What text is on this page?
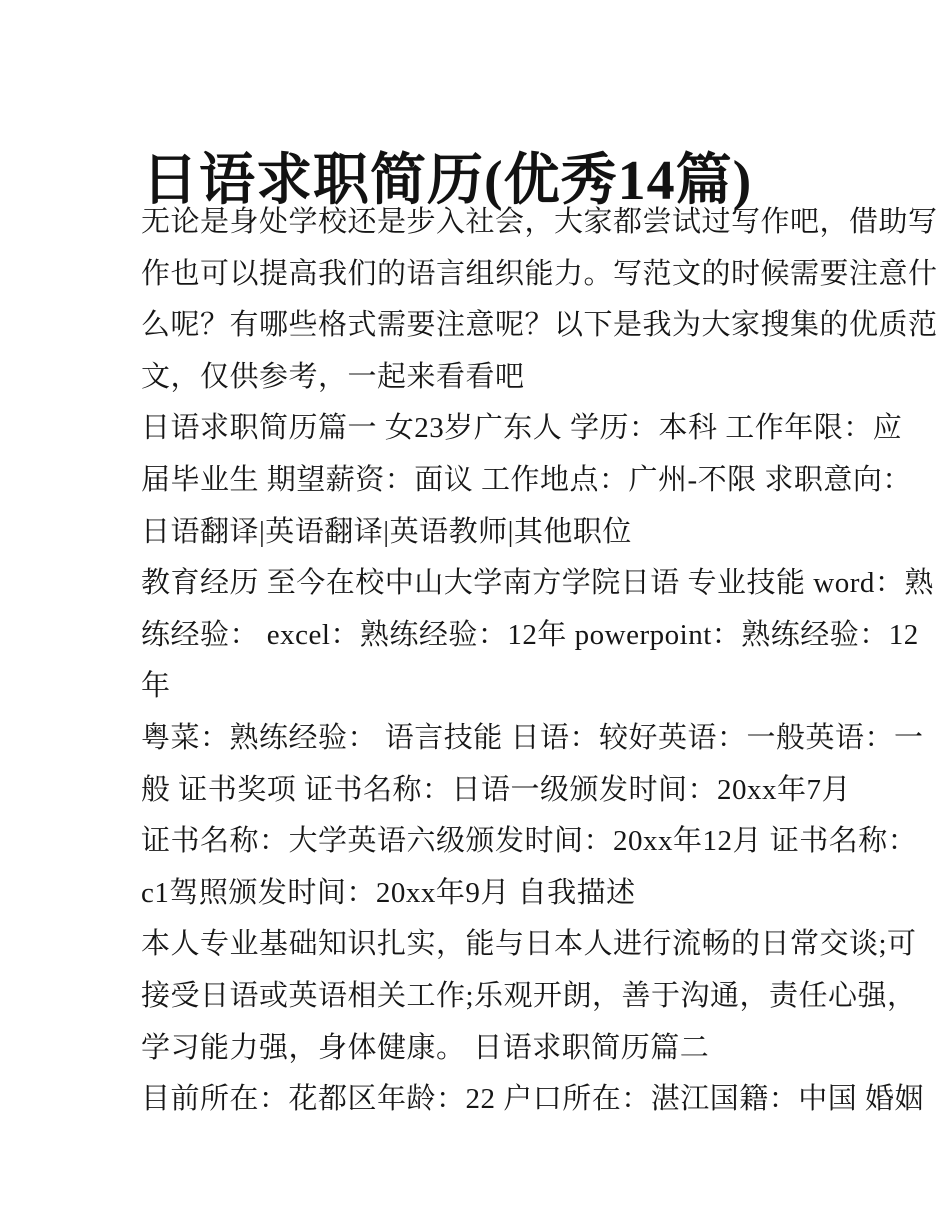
日语求职简历(优秀14篇)
无论是身处学校还是步入社会，大家都尝试过写作吧，借助写
作也可以提高我们的语言组织能力。写范文的时候需要注意什
么呢？有哪些格式需要注意呢？以下是我为大家搜集的优质范
文，仅供参考，一起来看看吧
日语求职简历篇一 女23岁广东人 学历：本科 工作年限：应
届毕业生 期望薪资：面议 工作地点：广州-不限 求职意向：
日语翻译|英语翻译|英语教师|其他职位
教育经历 至今在校中山大学南方学院日语 专业技能 word：熟
练经验： excel：熟练经验：12年 powerpoint：熟练经验：12
年
粤菜：熟练经验： 语言技能 日语：较好英语：一般英语：一
般 证书奖项 证书名称：日语一级颁发时间：20xx年7月
证书名称：大学英语六级颁发时间：20xx年12月 证书名称：
c1驾照颁发时间：20xx年9月 自我描述
本人专业基础知识扎实，能与日本人进行流畅的日常交谈;可
接受日语或英语相关工作;乐观开朗，善于沟通，责任心强，
学习能力强，身体健康。 日语求职简历篇二
目前所在：花都区年龄：22 户口所在：湛江国籍：中国 婚姻
